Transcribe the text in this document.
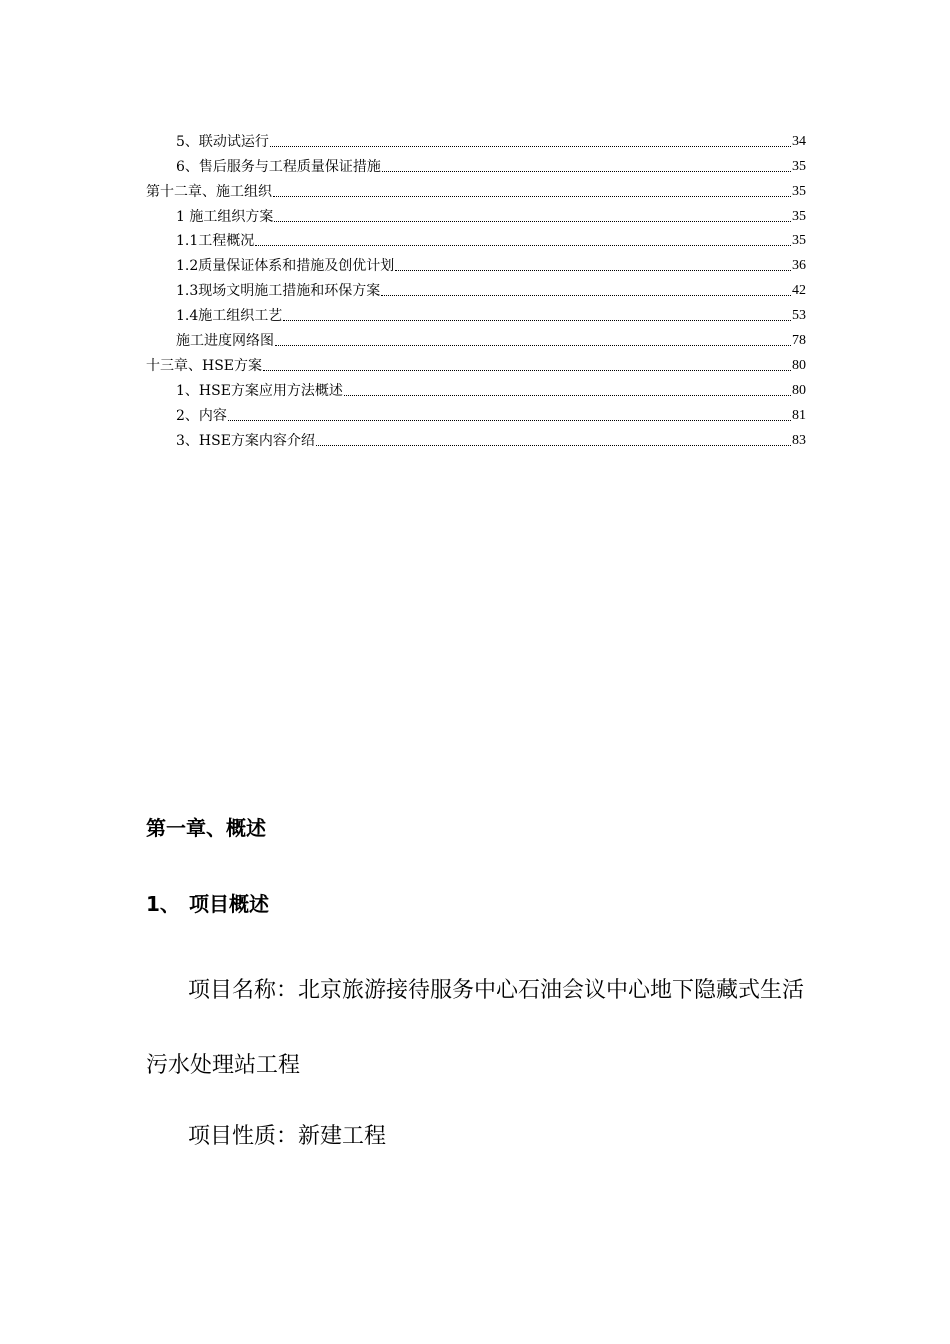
5、联动试运行	34
6、售后服务与工程质量保证措施	35
第十二章、施工组织	35
1 施工组织方案	35
1.1工程概况	35
1.2质量保证体系和措施及创优计划	36
1.3现场文明施工措施和环保方案	42
1.4施工组织工艺	53
施工进度网络图	78
十三章、HSE方案	80
1、HSE方案应用方法概述	80
2、内容	81
3、HSE方案内容介绍	83
第一章、概述
1、 项目概述

项目名称：北京旅游接待服务中心石油会议中心地下隐藏式生活污水处理站工程

项目性质：新建工程
